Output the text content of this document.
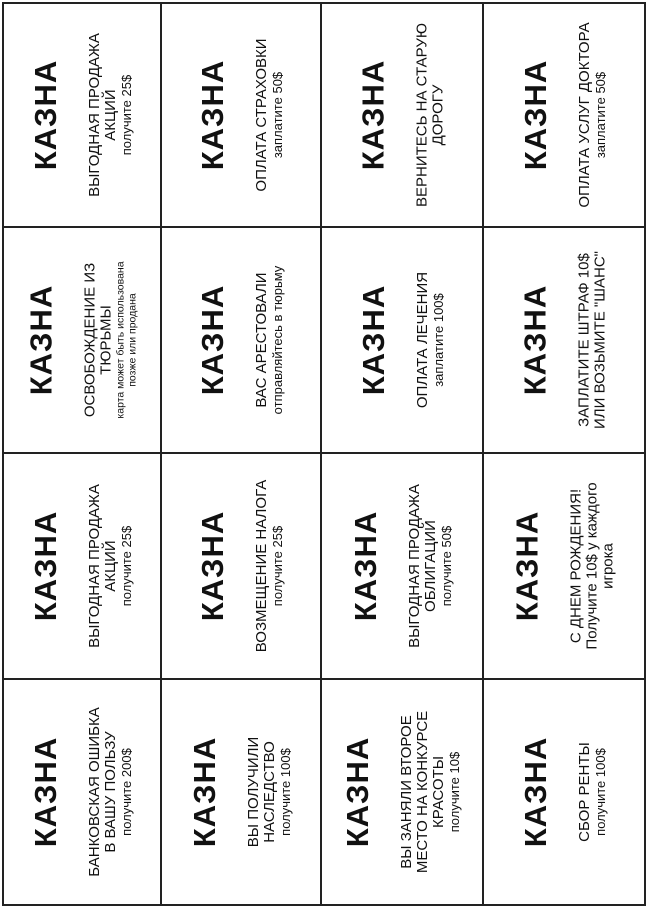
КАЗНА БАНКОВСКАЯ ОШИБКА В ВАШУ ПОЛЬЗУ получите 200$
КАЗНА ВЫГОДНАЯ ПРОДАЖА АКЦИЙ получите 25$
КАЗНА ОСВОБОЖДЕНИЕ ИЗ ТЮРЬМЫ карта может быть использована позже или продана
КАЗНА ВЫГОДНАЯ ПРОДАЖА АКЦИЙ получите 25$
КАЗНА ВЫ ПОЛУЧИЛИ НАСЛЕДСТВО получите 100$
КАЗНА ВОЗМЕЩЕНИЕ НАЛОГА получите 25$
КАЗНА ВАС АРЕСТОВАЛИ отправляйтесь в тюрьму
КАЗНА ОПЛАТА СТРАХОВКИ заплатите 50$
КАЗНА ВЫ ЗАНЯЛИ ВТОРОЕ МЕСТО НА КОНКУРСЕ КРАСОТЫ получите 10$
КАЗНА ВЫГОДНАЯ ПРОДАЖА ОБЛИГАЦИЙ получите 50$
КАЗНА ОПЛАТА ЛЕЧЕНИЯ заплатите 100$
КАЗНА ВЕРНИТЕСЬ НА СТАРУЮ ДОРОГУ
КАЗНА СБОР РЕНТЫ получите 100$
КАЗНА С ДНЕМ РОЖДЕНИЯ! Получите 10$ у каждого игрока
КАЗНА ЗАПЛАТИТЕ ШТРАФ 10$ ИЛИ ВОЗЬМИТЕ "ШАНС"
КАЗНА ОПЛАТА УСЛУГ ДОКТОРА заплатите 50$
